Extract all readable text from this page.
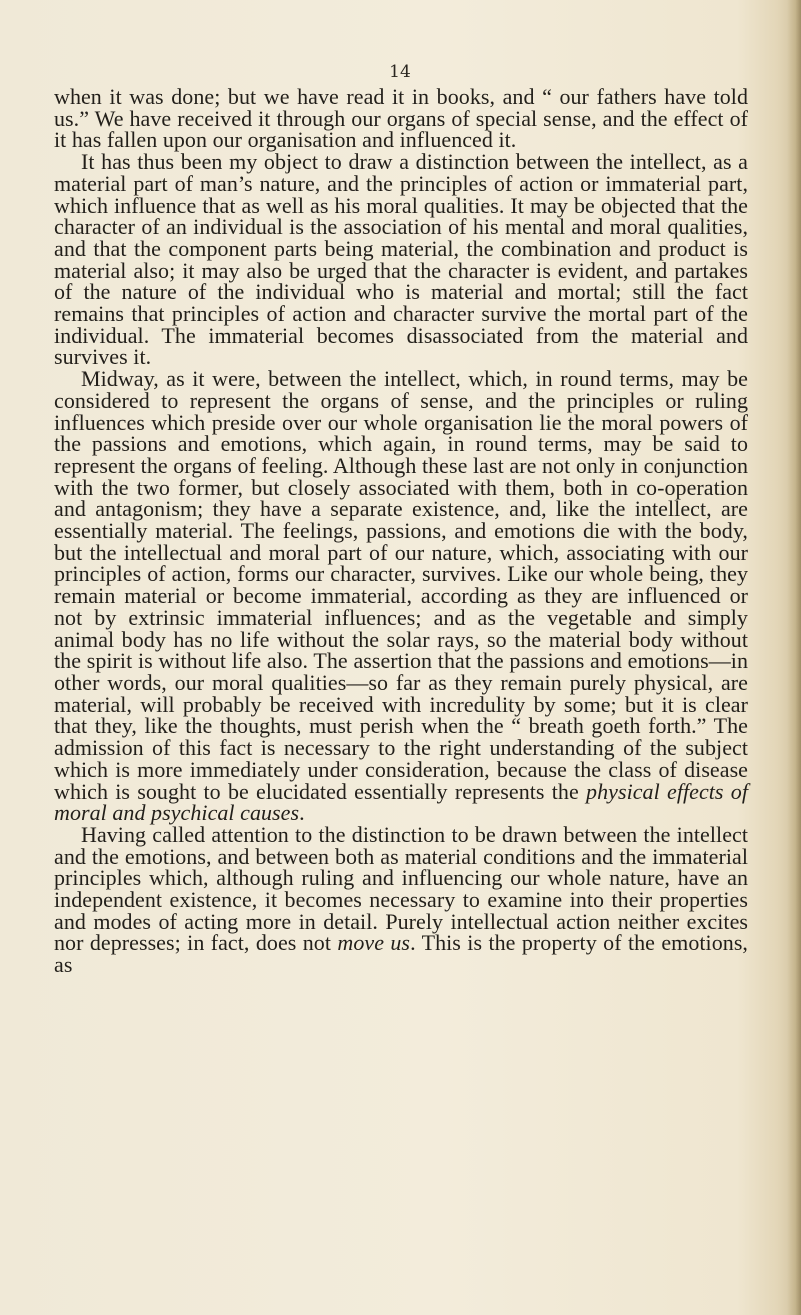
14

when it was done; but we have read it in books, and “ our fathers have told us.” We have received it through our organs of special sense, and the effect of it has fallen upon our organisation and influenced it.

It has thus been my object to draw a distinction between the intellect, as a material part of man’s nature, and the principles of action or immaterial part, which influence that as well as his moral qualities. It may be objected that the character of an individual is the association of his mental and moral qualities, and that the component parts being material, the combination and product is material also; it may also be urged that the character is evident, and partakes of the nature of the individual who is material and mortal; still the fact remains that principles of action and character survive the mortal part of the individual. The immaterial becomes disassociated from the material and survives it.

Midway, as it were, between the intellect, which, in round terms, may be considered to represent the organs of sense, and the principles or ruling influences which preside over our whole organisation lie the moral powers of the passions and emotions, which again, in round terms, may be said to represent the organs of feeling. Although these last are not only in conjunction with the two former, but closely associated with them, both in co-operation and antagonism; they have a separate existence, and, like the intellect, are essentially material. The feelings, passions, and emotions die with the body, but the intellectual and moral part of our nature, which, associating with our principles of action, forms our character, survives. Like our whole being, they remain material or become immaterial, according as they are influenced or not by extrinsic immaterial influences; and as the vegetable and simply animal body has no life without the solar rays, so the material body without the spirit is without life also. The assertion that the passions and emotions—in other words, our moral qualities—so far as they remain purely physical, are material, will probably be received with incredulity by some; but it is clear that they, like the thoughts, must perish when the “ breath goeth forth.” The admission of this fact is necessary to the right understanding of the subject which is more immediately under consideration, because the class of disease which is sought to be elucidated essentially represents the physical effects of moral and psychical causes.

Having called attention to the distinction to be drawn between the intellect and the emotions, and between both as material conditions and the immaterial principles which, although ruling and influencing our whole nature, have an independent existence, it becomes necessary to examine into their properties and modes of acting more in detail. Purely intellectual action neither excites nor depresses; in fact, does not move us. This is the property of the emotions, as
